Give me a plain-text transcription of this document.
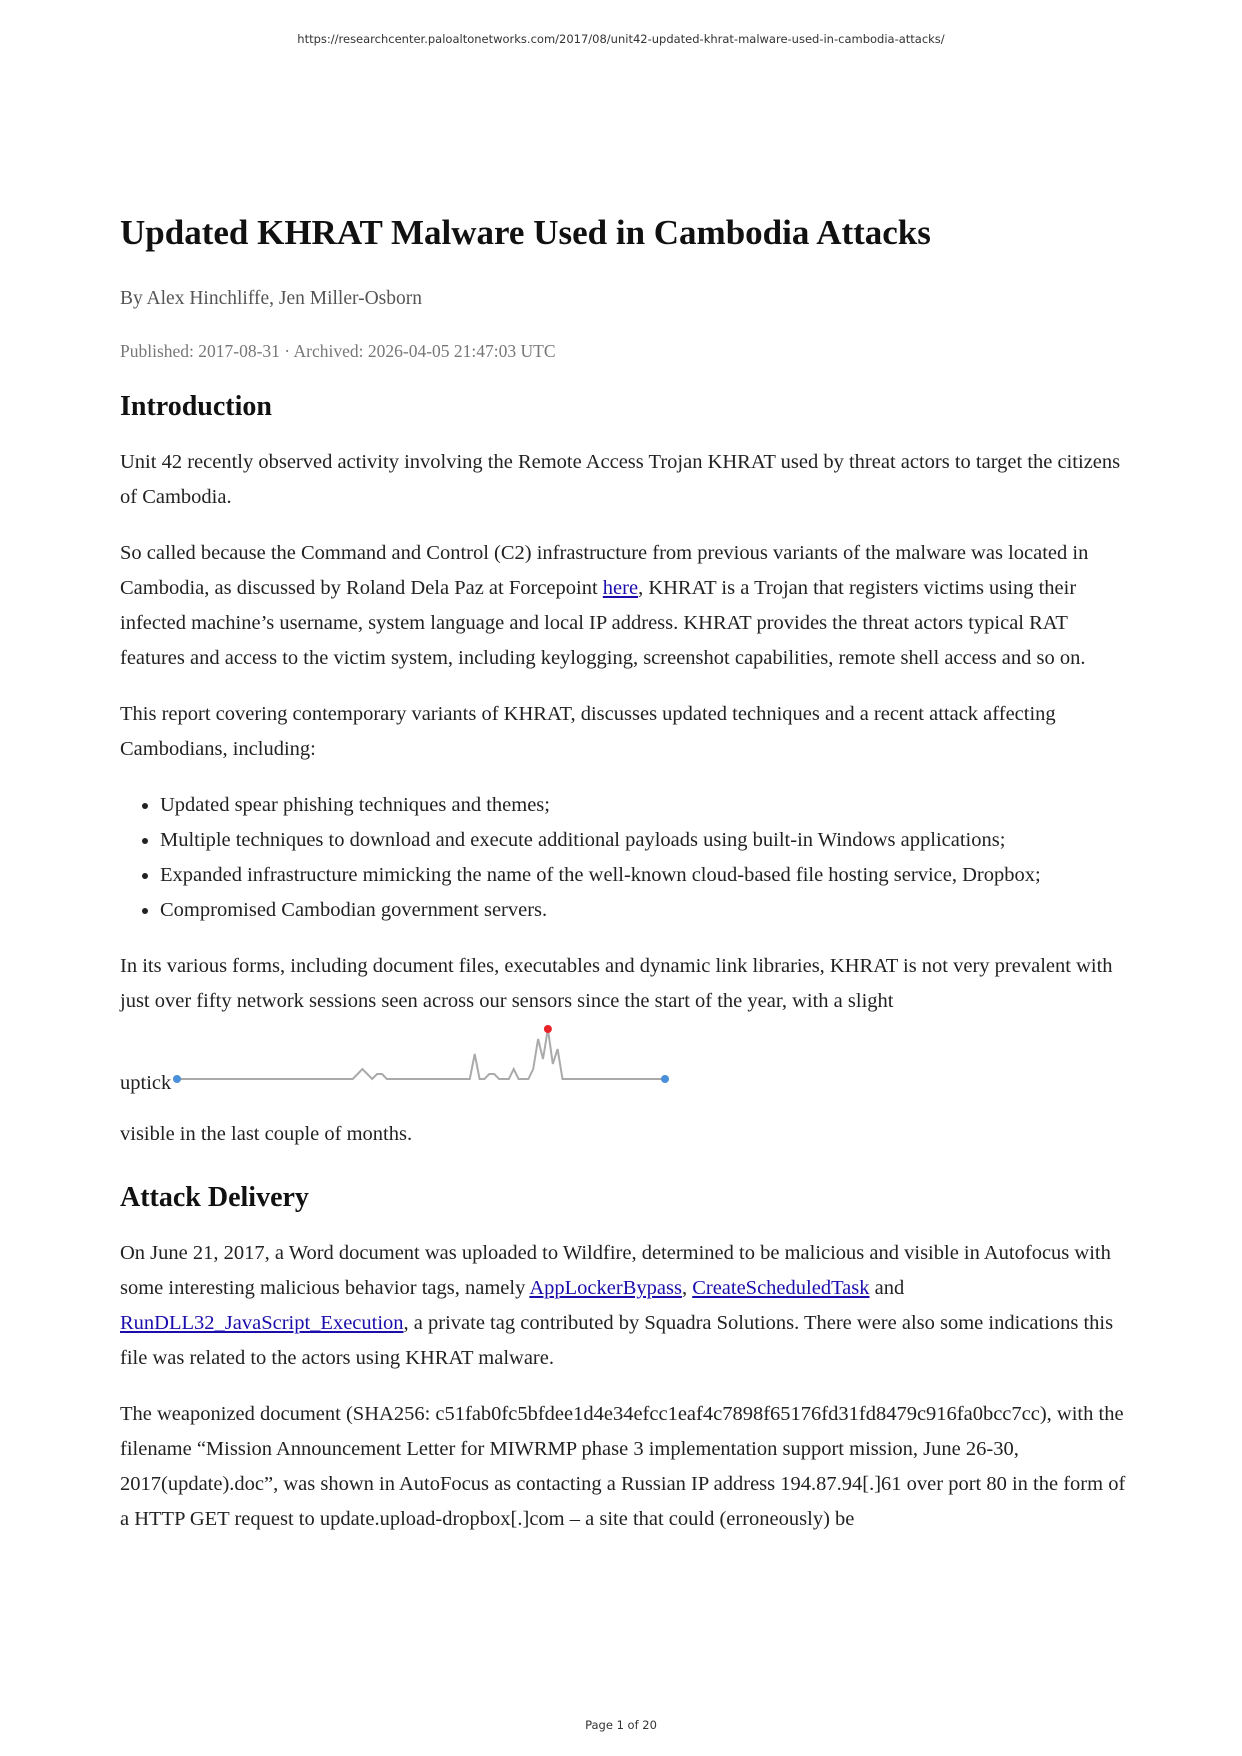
https://researchcenter.paloaltonetworks.com/2017/08/unit42-updated-khrat-malware-used-in-cambodia-attacks/
Updated KHRAT Malware Used in Cambodia Attacks
By Alex Hinchliffe, Jen Miller-Osborn
Published: 2017-08-31 · Archived: 2026-04-05 21:47:03 UTC
Introduction

Unit 42 recently observed activity involving the Remote Access Trojan KHRAT used by threat actors to target the citizens of Cambodia.

So called because the Command and Control (C2) infrastructure from previous variants of the malware was located in Cambodia, as discussed by Roland Dela Paz at Forcepoint here, KHRAT is a Trojan that registers victims using their infected machine’s username, system language and local IP address. KHRAT provides the threat actors typical RAT features and access to the victim system, including keylogging, screenshot capabilities, remote shell access and so on.

This report covering contemporary variants of KHRAT, discusses updated techniques and a recent attack affecting Cambodians, including:

• Updated spear phishing techniques and themes;
• Multiple techniques to download and execute additional payloads using built-in Windows applications;
• Expanded infrastructure mimicking the name of the well-known cloud-based file hosting service, Dropbox;
• Compromised Cambodian government servers.

In its various forms, including document files, executables and dynamic link libraries, KHRAT is not very prevalent with just over fifty network sessions seen across our sensors since the start of the year, with a slight

uptick

visible in the last couple of months.

Attack Delivery

On June 21, 2017, a Word document was uploaded to Wildfire, determined to be malicious and visible in Autofocus with some interesting malicious behavior tags, namely AppLockerBypass, CreateScheduledTask and RunDLL32_JavaScript_Execution, a private tag contributed by Squadra Solutions. There were also some indications this file was related to the actors using KHRAT malware.

The weaponized document (SHA256: c51fab0fc5bfdee1d4e34efcc1eaf4c7898f65176fd31fd8479c916fa0bcc7cc), with the filename “Mission Announcement Letter for MIWRMP phase 3 implementation support mission, June 26-30, 2017(update).doc”, was shown in AutoFocus as contacting a Russian IP address 194.87.94[.]61 over port 80 in the form of a HTTP GET request to update.upload-dropbox[.]com – a site that could (erroneously) be

Page 1 of 20
